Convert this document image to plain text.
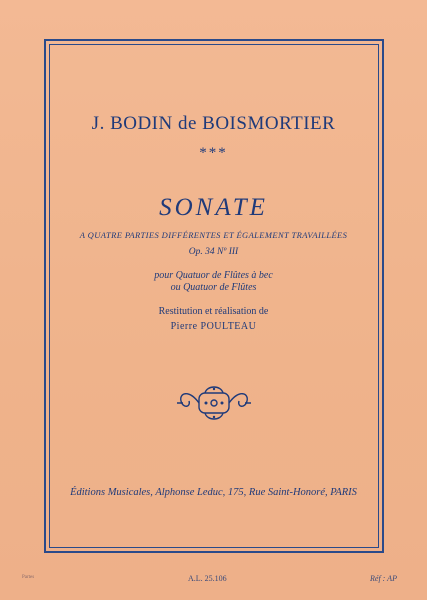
J. BODIN de BOISMORTIER
***
SONATE
A QUATRE PARTIES DIFFÉRENTES ET ÉGALEMENT TRAVAILLÉES
Op. 34 Nº III
pour Quatuor de Flûtes à bec
ou Quatuor de Flûtes
Restitution et réalisation de
Pierre POULTEAU
Éditions Musicales, Alphonse Leduc, 175, Rue Saint-Honoré, PARIS
Partes	A.L. 25.106	Réf : AP
